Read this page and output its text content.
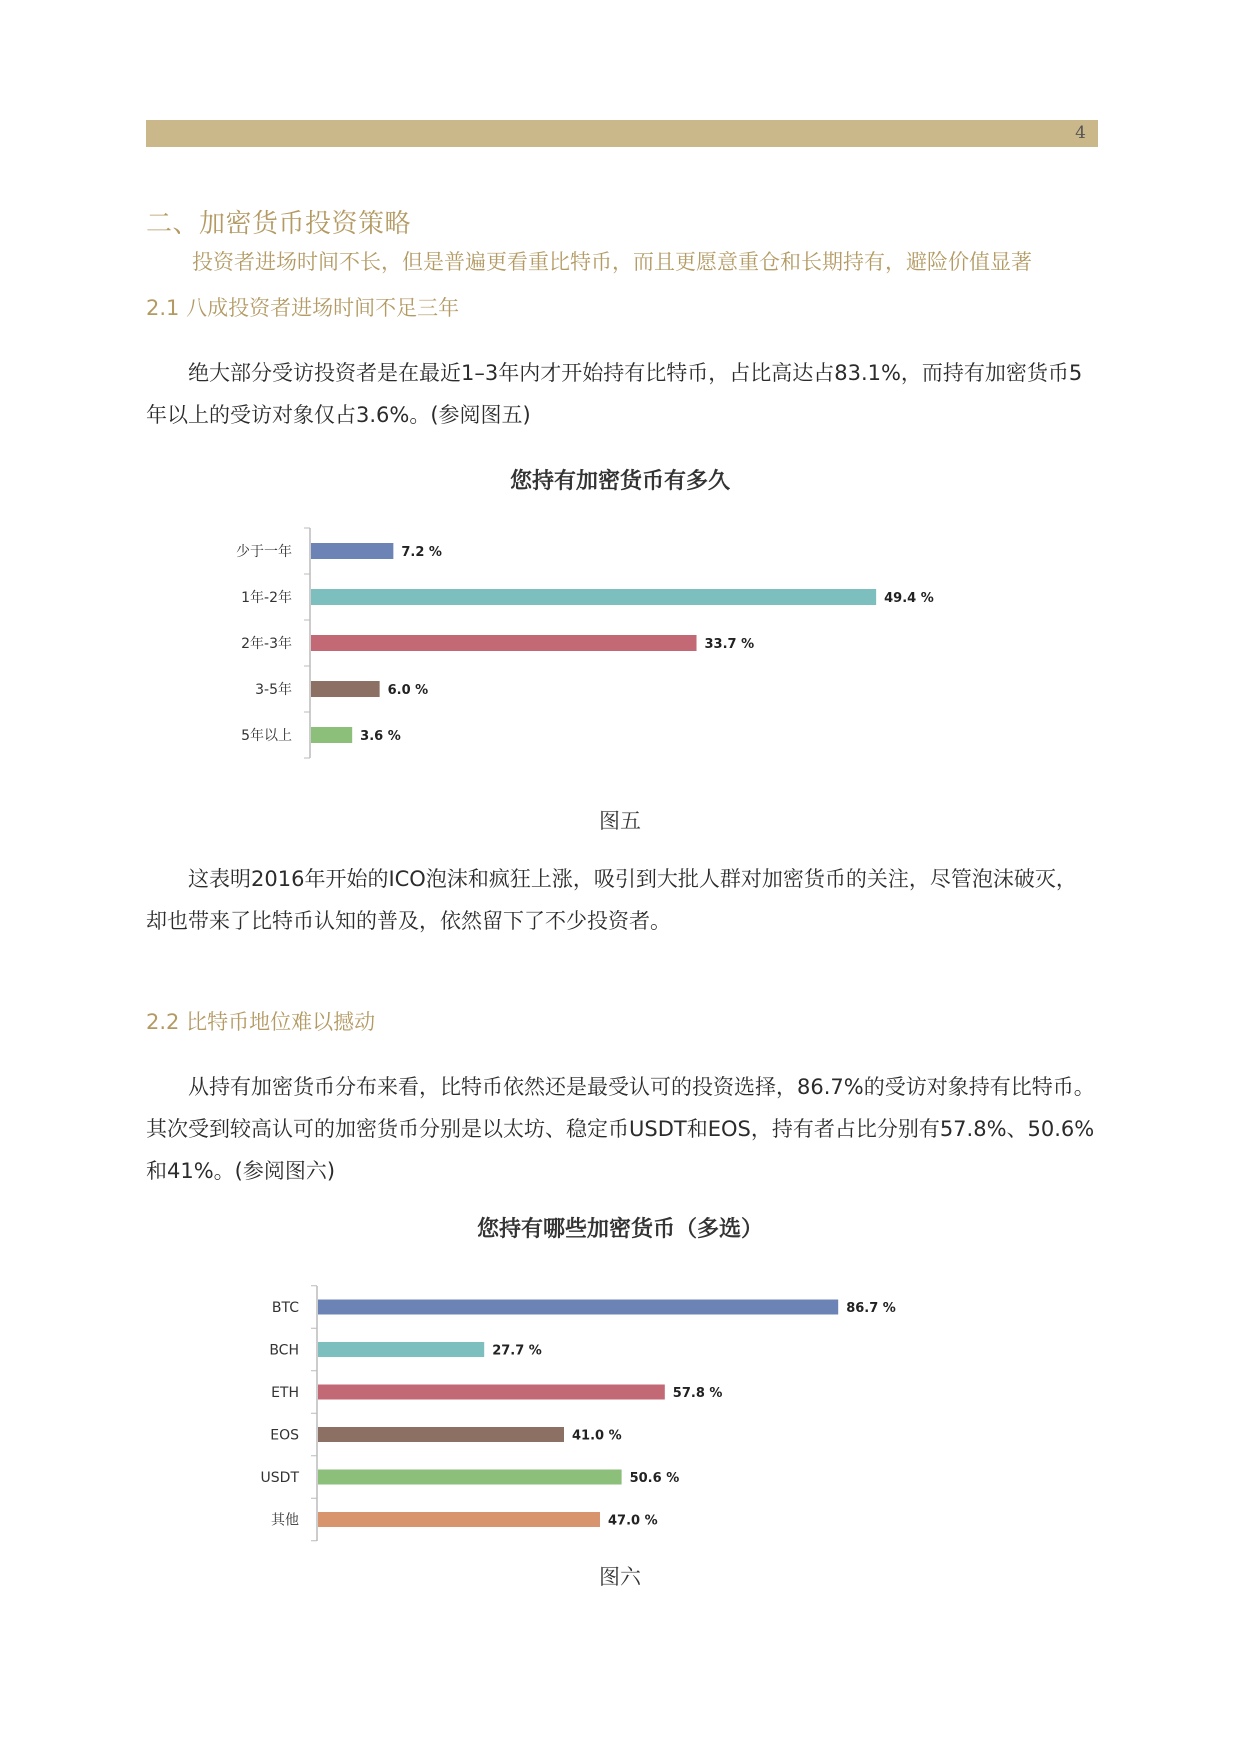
4
二、加密货币投资策略
投资者进场时间不长，但是普遍更看重比特币，而且更愿意重仓和长期持有，避险价值显著
2.1 八成投资者进场时间不足三年

绝大部分受访投资者是在最近1–3年内才开始持有比特币，占比高达占83.1%，而持有加密货币5年以上的受访对象仅占3.6%。(参阅图五)

您持有加密货币有多久
少于一年	7.2 %
1年-2年	49.4 %
2年-3年	33.7 %
3-5年	6.0 %
5年以上	3.6 %
图五

这表明2016年开始的ICO泡沫和疯狂上涨，吸引到大批人群对加密货币的关注，尽管泡沫破灭，却也带来了比特币认知的普及，依然留下了不少投资者。

2.2 比特币地位难以撼动

从持有加密货币分布来看，比特币依然还是最受认可的投资选择，86.7%的受访对象持有比特币。其次受到较高认可的加密货币分别是以太坊、稳定币USDT和EOS，持有者占比分别有57.8%、50.6%和41%。(参阅图六)

您持有哪些加密货币（多选）
BTC	86.7 %
BCH	27.7 %
ETH	57.8 %
EOS	41.0 %
USDT	50.6 %
其他	47.0 %
图六
